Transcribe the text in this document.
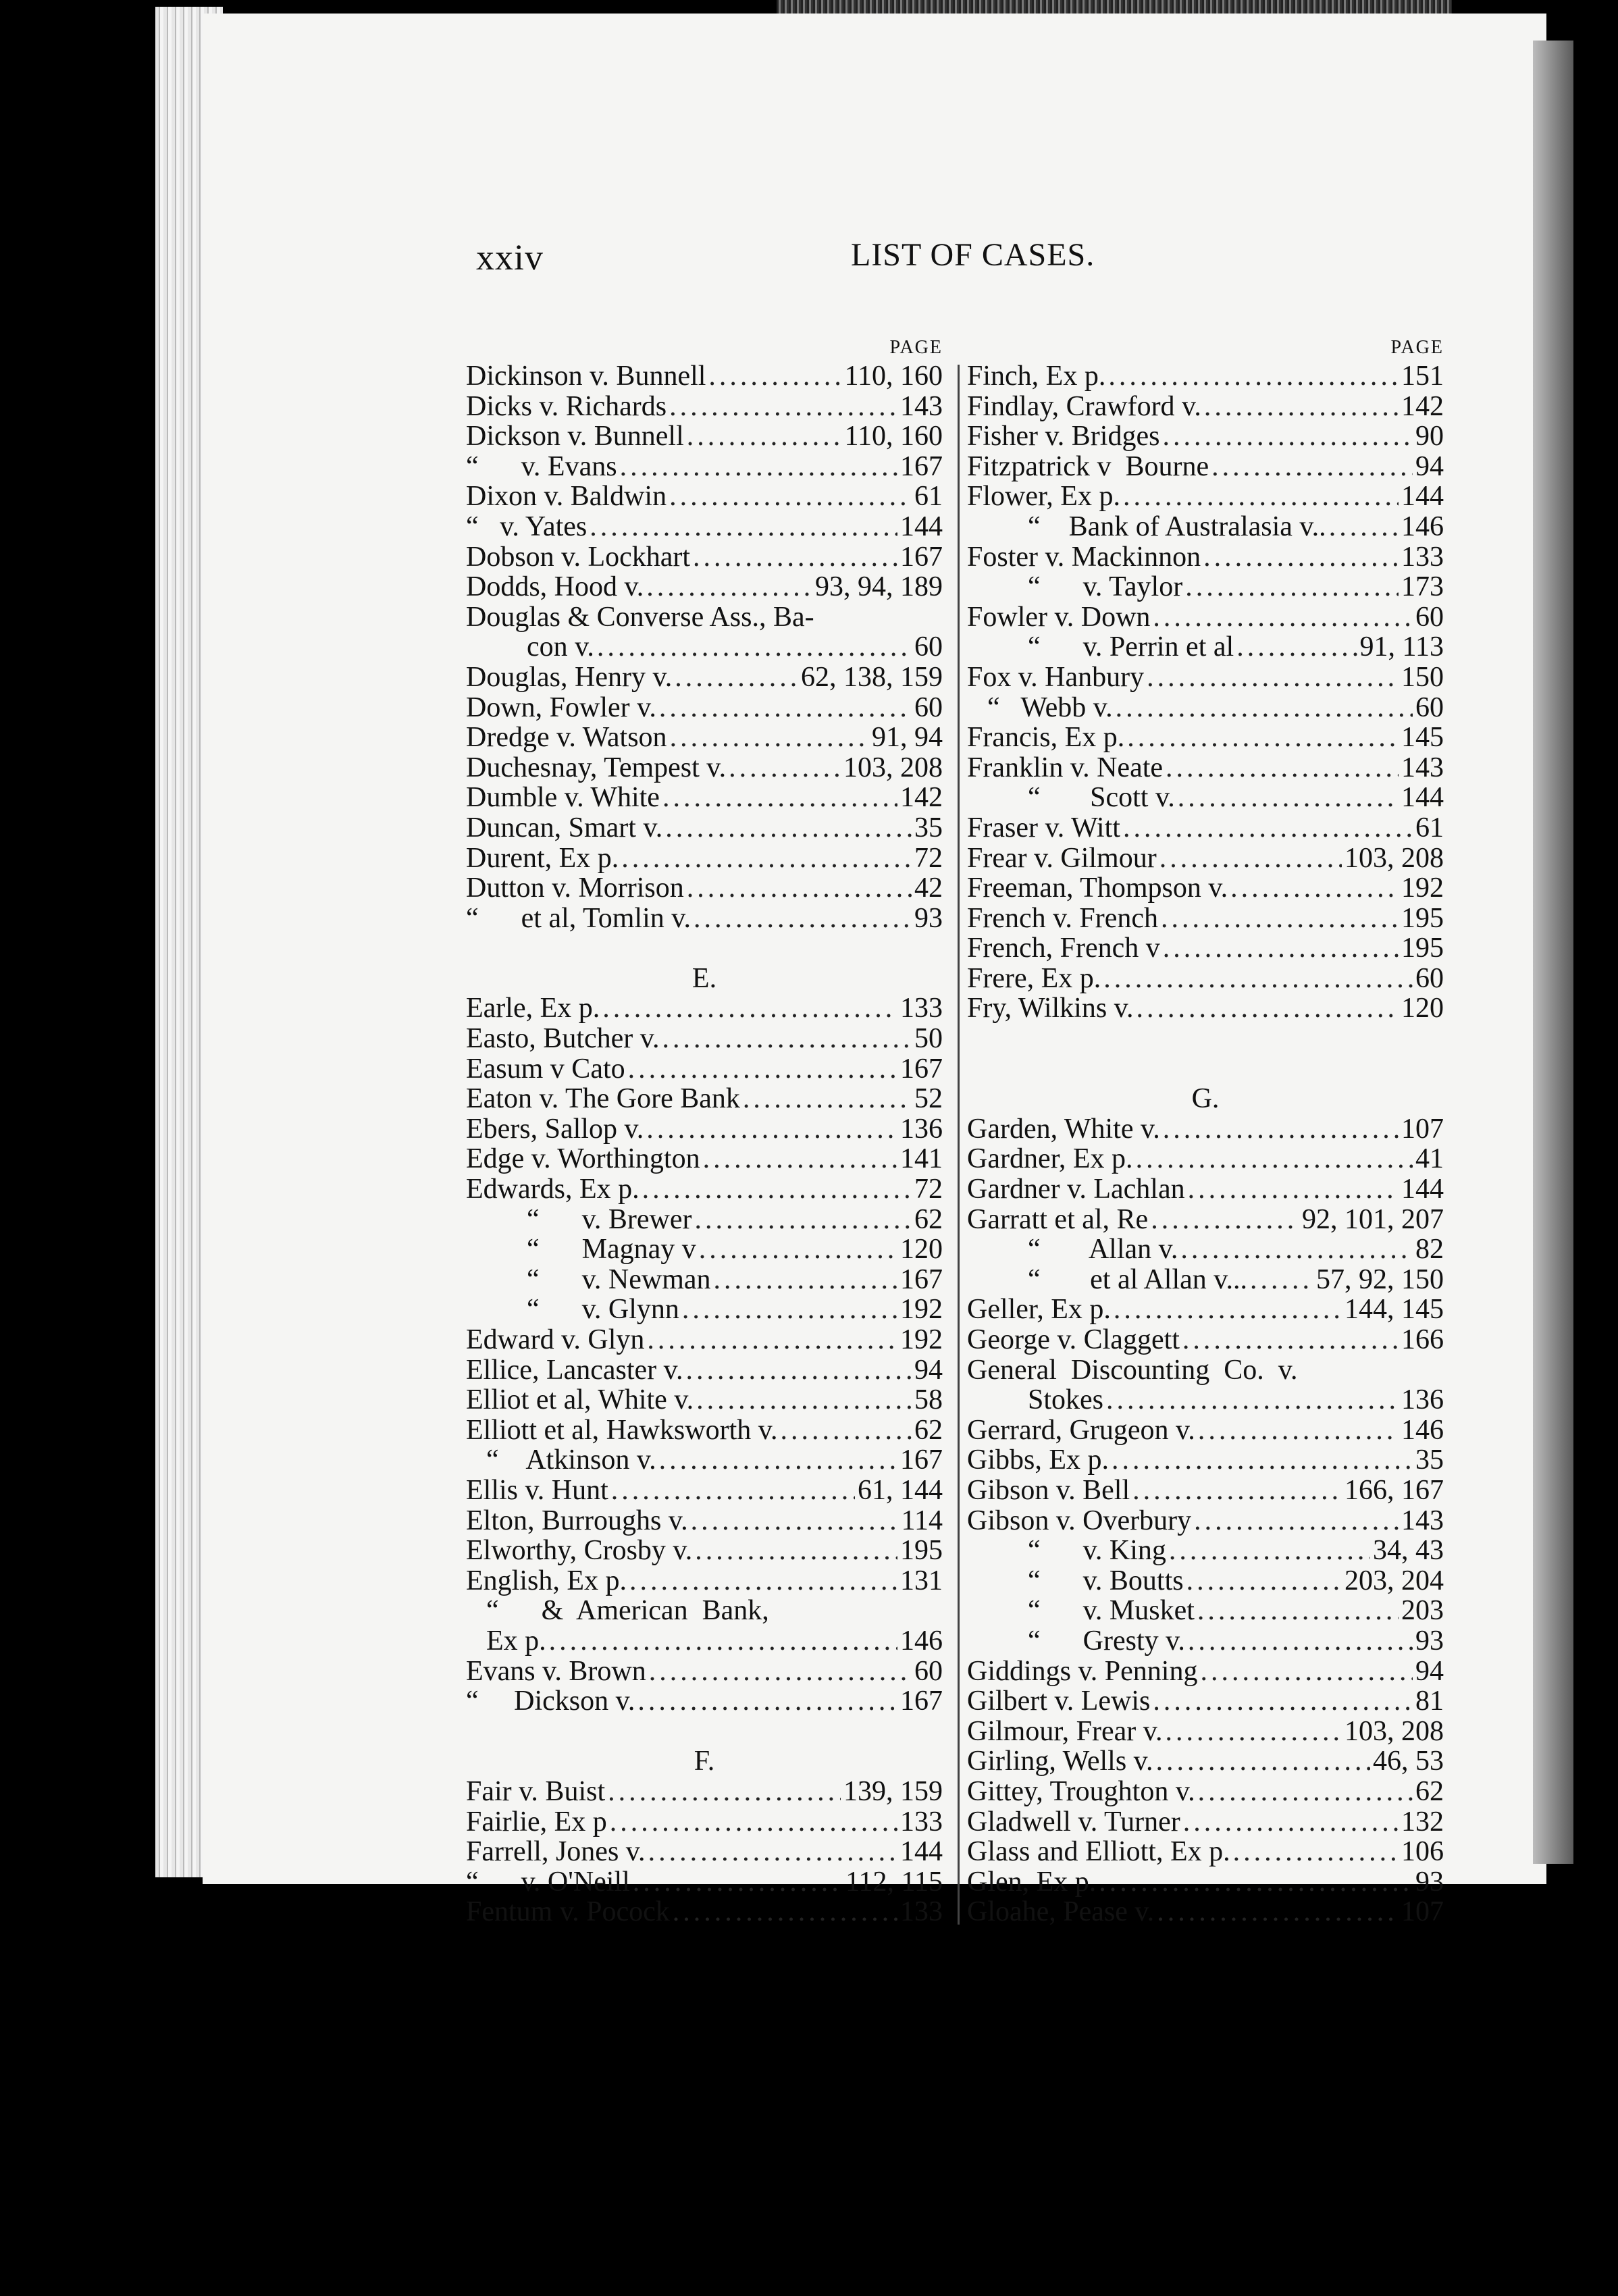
xxiv	LIST OF CASES.
PAGE
Dickinson v. Bunnell .....	110, 160
Dicks v. Richards .....	143
Dickson v. Bunnell .....	110, 160
“      v. Evans .....	167
Dixon v. Baldwin .....	61
“   v. Yates .....	144
Dobson v. Lockhart .....	167
Dodds, Hood v. .....	93, 94, 189
Douglas & Converse Ass., Ba-
con v. .....	60
Douglas, Henry v. .....	62, 138, 159
Down, Fowler v. .....	60
Dredge v. Watson .....	91, 94
Duchesnay, Tempest v. .....	103, 208
Dumble v. White .....	142
Duncan, Smart v. .....	35
Durent, Ex p. .....	72
Dutton v. Morrison .....	42
“      et al, Tomlin v. .....	93
E.
Earle, Ex p. .....	133
Easto, Butcher v. .....	50
Easum v Cato .....	167
Eaton v. The Gore Bank .....	52
Ebers, Sallop v. .....	136
Edge v. Worthington .....	141
Edwards, Ex p. .....	72
“      v. Brewer .....	62
“      Magnay v .....	120
“      v. Newman .....	167
“      v. Glynn .....	192
Edward v. Glyn .....	192
Ellice, Lancaster v. .....	94
Elliot et al, White v. .....	58
Elliott et al, Hawksworth v. .....	62
“    Atkinson v. .....	167
Ellis v. Hunt .....	61, 144
Elton, Burroughs v. .....	114
Elworthy, Crosby v. .....	195
English, Ex p. .....	131
“      &  American  Bank,
Ex p. .....	146
Evans v. Brown .....	60
“     Dickson v. .....	167
F.
Fair v. Buist .....	139, 159
Fairlie, Ex p .....	133
Farrell, Jones v. .....	144
“      v. O'Neill .....	112, 115
Fentum v. Pocock .....	133
PAGE
Finch, Ex p. .....	151
Findlay, Crawford v. .....	142
Fisher v. Bridges .....	90
Fitzpatrick v  Bourne .....	94
Flower, Ex p. .....	144
“    Bank of Australasia v.. .....	146
Foster v. Mackinnon .....	133
“      v. Taylor .....	173
Fowler v. Down .....	60
“      v. Perrin et al .....	91, 113
Fox v. Hanbury .....	150
“   Webb v. .....	60
Francis, Ex p. .....	145
Franklin v. Neate .....	143
“       Scott v. .....	144
Fraser v. Witt .....	61
Frear v. Gilmour .....	103, 208
Freeman, Thompson v. .....	192
French v. French .....	195
French, French v .....	195
Frere, Ex p. .....	60
Fry, Wilkins v. .....	120
G.
Garden, White v. .....	107
Gardner, Ex p. .....	41
Gardner v. Lachlan .....	144
Garratt et al, Re .....	92, 101, 207
“       Allan v. .....	82
“       et al Allan v... ..... 57, 92, 150
Geller, Ex p. .....	144, 145
George v. Claggett .....	166
General  Discounting  Co.  v.
Stokes .....	136
Gerrard, Grugeon v. .....	146
Gibbs, Ex p. .....	35
Gibson v. Bell .....	166, 167
Gibson v. Overbury .....	143
“      v. King .....	34, 43
“      v. Boutts .....	203, 204
“      v. Musket .....	203
“      Gresty v. .....	93
Giddings v. Penning .....	94
Gilbert v. Lewis .....	81
Gilmour, Frear v. .....	103, 208
Girling, Wells v. .....	46, 53
Gittey, Troughton v. .....	62
Gladwell v. Turner .....	132
Glass and Elliott, Ex p. .....	106
Glen, Ex p. .....	93
Gloahe, Pease v. .....	107
